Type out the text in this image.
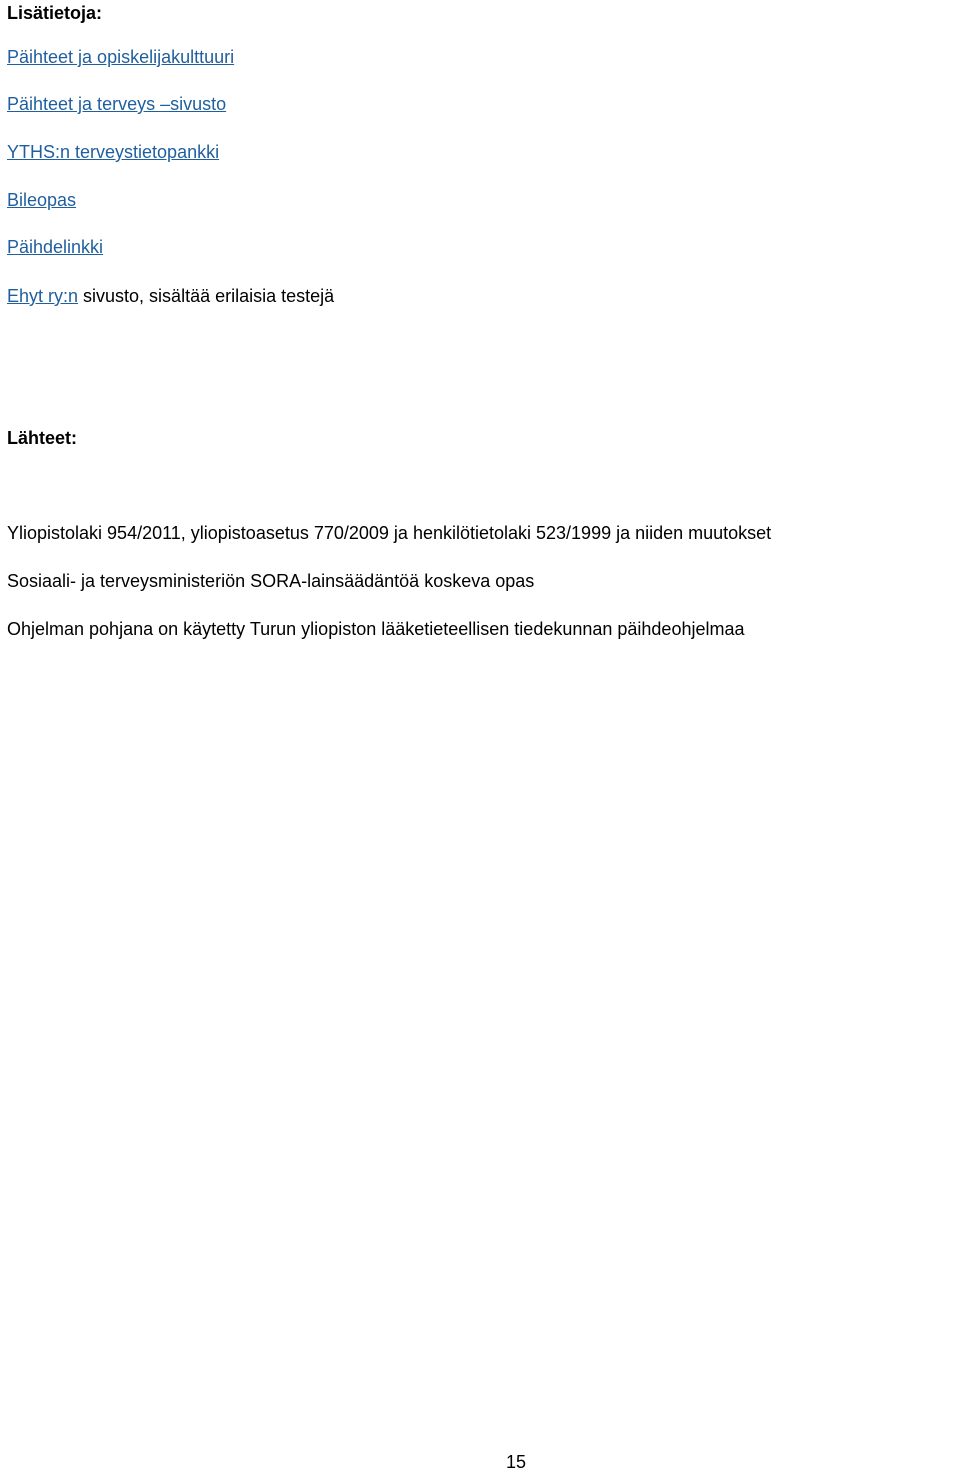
Lisätietoja:
Päihteet ja opiskelijakulttuuri
Päihteet ja terveys –sivusto
YTHS:n terveystietopankki
Bileopas
Päihdelinkki
Ehyt ry:n sivusto, sisältää erilaisia testejä
Lähteet:
Yliopistolaki 954/2011, yliopistoasetus 770/2009 ja henkilötietolaki 523/1999 ja niiden muutokset
Sosiaali- ja terveysministeriön SORA-lainsäädäntöä koskeva opas
Ohjelman pohjana on käytetty Turun yliopiston lääketieteellisen tiedekunnan päihdeohjelmaa
15
